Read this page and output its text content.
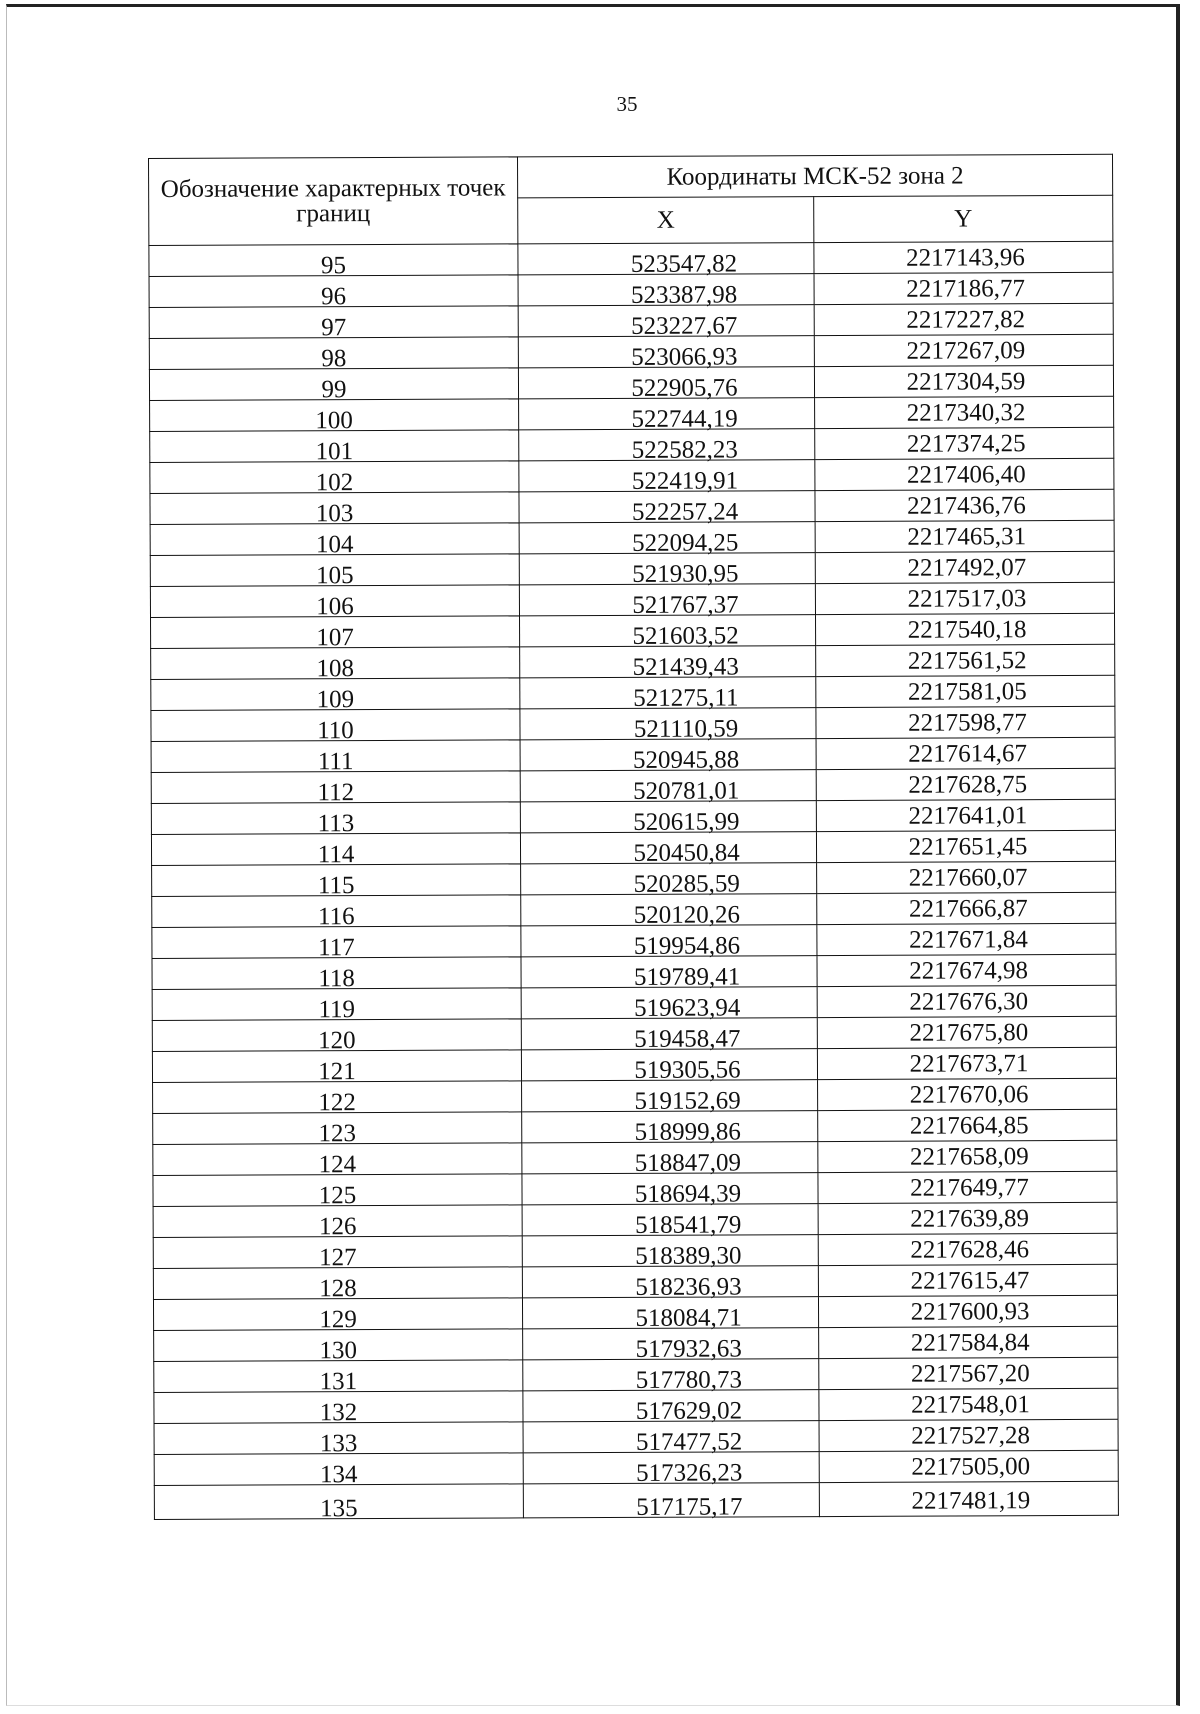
35
Обозначение характерных точек границ	Координаты МСК-52 зона 2	
	X	Y
95	523547,82	2217143,96
96	523387,98	2217186,77
97	523227,67	2217227,82
98	523066,93	2217267,09
99	522905,76	2217304,59
100	522744,19	2217340,32
101	522582,23	2217374,25
102	522419,91	2217406,40
103	522257,24	2217436,76
104	522094,25	2217465,31
105	521930,95	2217492,07
106	521767,37	2217517,03
107	521603,52	2217540,18
108	521439,43	2217561,52
109	521275,11	2217581,05
110	521110,59	2217598,77
111	520945,88	2217614,67
112	520781,01	2217628,75
113	520615,99	2217641,01
114	520450,84	2217651,45
115	520285,59	2217660,07
116	520120,26	2217666,87
117	519954,86	2217671,84
118	519789,41	2217674,98
119	519623,94	2217676,30
120	519458,47	2217675,80
121	519305,56	2217673,71
122	519152,69	2217670,06
123	518999,86	2217664,85
124	518847,09	2217658,09
125	518694,39	2217649,77
126	518541,79	2217639,89
127	518389,30	2217628,46
128	518236,93	2217615,47
129	518084,71	2217600,93
130	517932,63	2217584,84
131	517780,73	2217567,20
132	517629,02	2217548,01
133	517477,52	2217527,28
134	517326,23	2217505,00
135	517175,17	2217481,19
